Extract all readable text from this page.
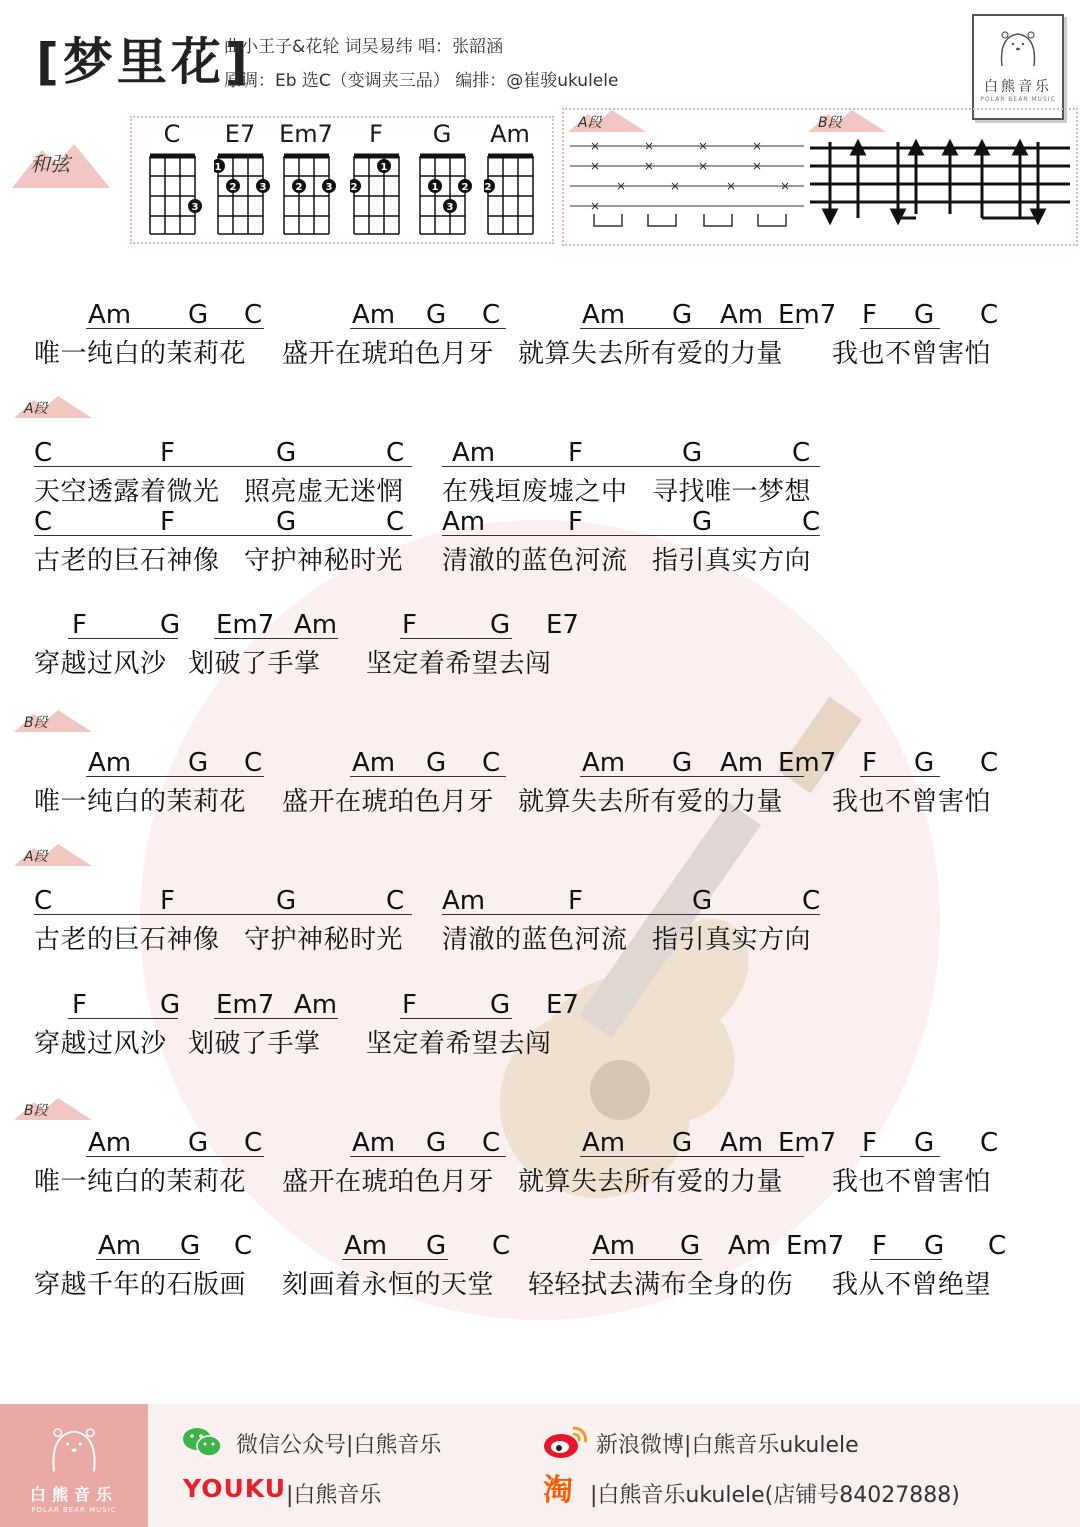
[梦里花]
曲小王子&花轮 词吴易纬 唱：张韶涵
原调：Eb 选C（变调夹三品） 编排：@崔骏ukulele	白熊音乐
POLAR BEAR MUSIC
和弦
C
3
E7
1
2 3
Em7
2 3
F
2
1
G
1
3
2
Am
2
A段
×	×	×	×
×	×	×	×
×	×	×	×
×
B段
Am G C	Am G C	Am G Am Em7 F G C
唯一纯白的茉莉花 盛开在琥珀色月牙 就算失去所有爱的力量 我也不曾害怕
A段
C	F	G	C Am	F	G	C
天空透露着微光 照亮虚无迷惘 在残垣废墟之中 寻找唯一梦想
C	F	G	C Am	F	G	C
古老的巨石神像 守护神秘时光 清澈的蓝色河流 指引真实方向
F	G Em7 Am F	G E7
穿越过风沙 划破了手掌 坚定着希望去闯
B段
Am G C	Am G C	Am G Am Em7 F G C
唯一纯白的茉莉花 盛开在琥珀色月牙 就算失去所有爱的力量 我也不曾害怕
A段
C	F	G	C Am	F	G	C
古老的巨石神像 守护神秘时光 清澈的蓝色河流 指引真实方向
F	G Em7 Am F	G E7
穿越过风沙 划破了手掌 坚定着希望去闯
B段
Am G C	Am G C	Am G Am Em7 F G C
唯一纯白的茉莉花 盛开在琥珀色月牙 就算失去所有爱的力量 我也不曾害怕
Am G C	Am G C	Am G Am Em7 F G C
穿越千年的石版画 刻画着永恒的天堂 轻轻拭去满布全身的伤 我从不曾绝望
白熊音乐
POLAR BEAR MUSIC
微信公众号|白熊音乐	新浪微博|白熊音乐ukulele
YOUKU |白熊音乐	淘 |白熊音乐ukulele(店铺号84027888)
